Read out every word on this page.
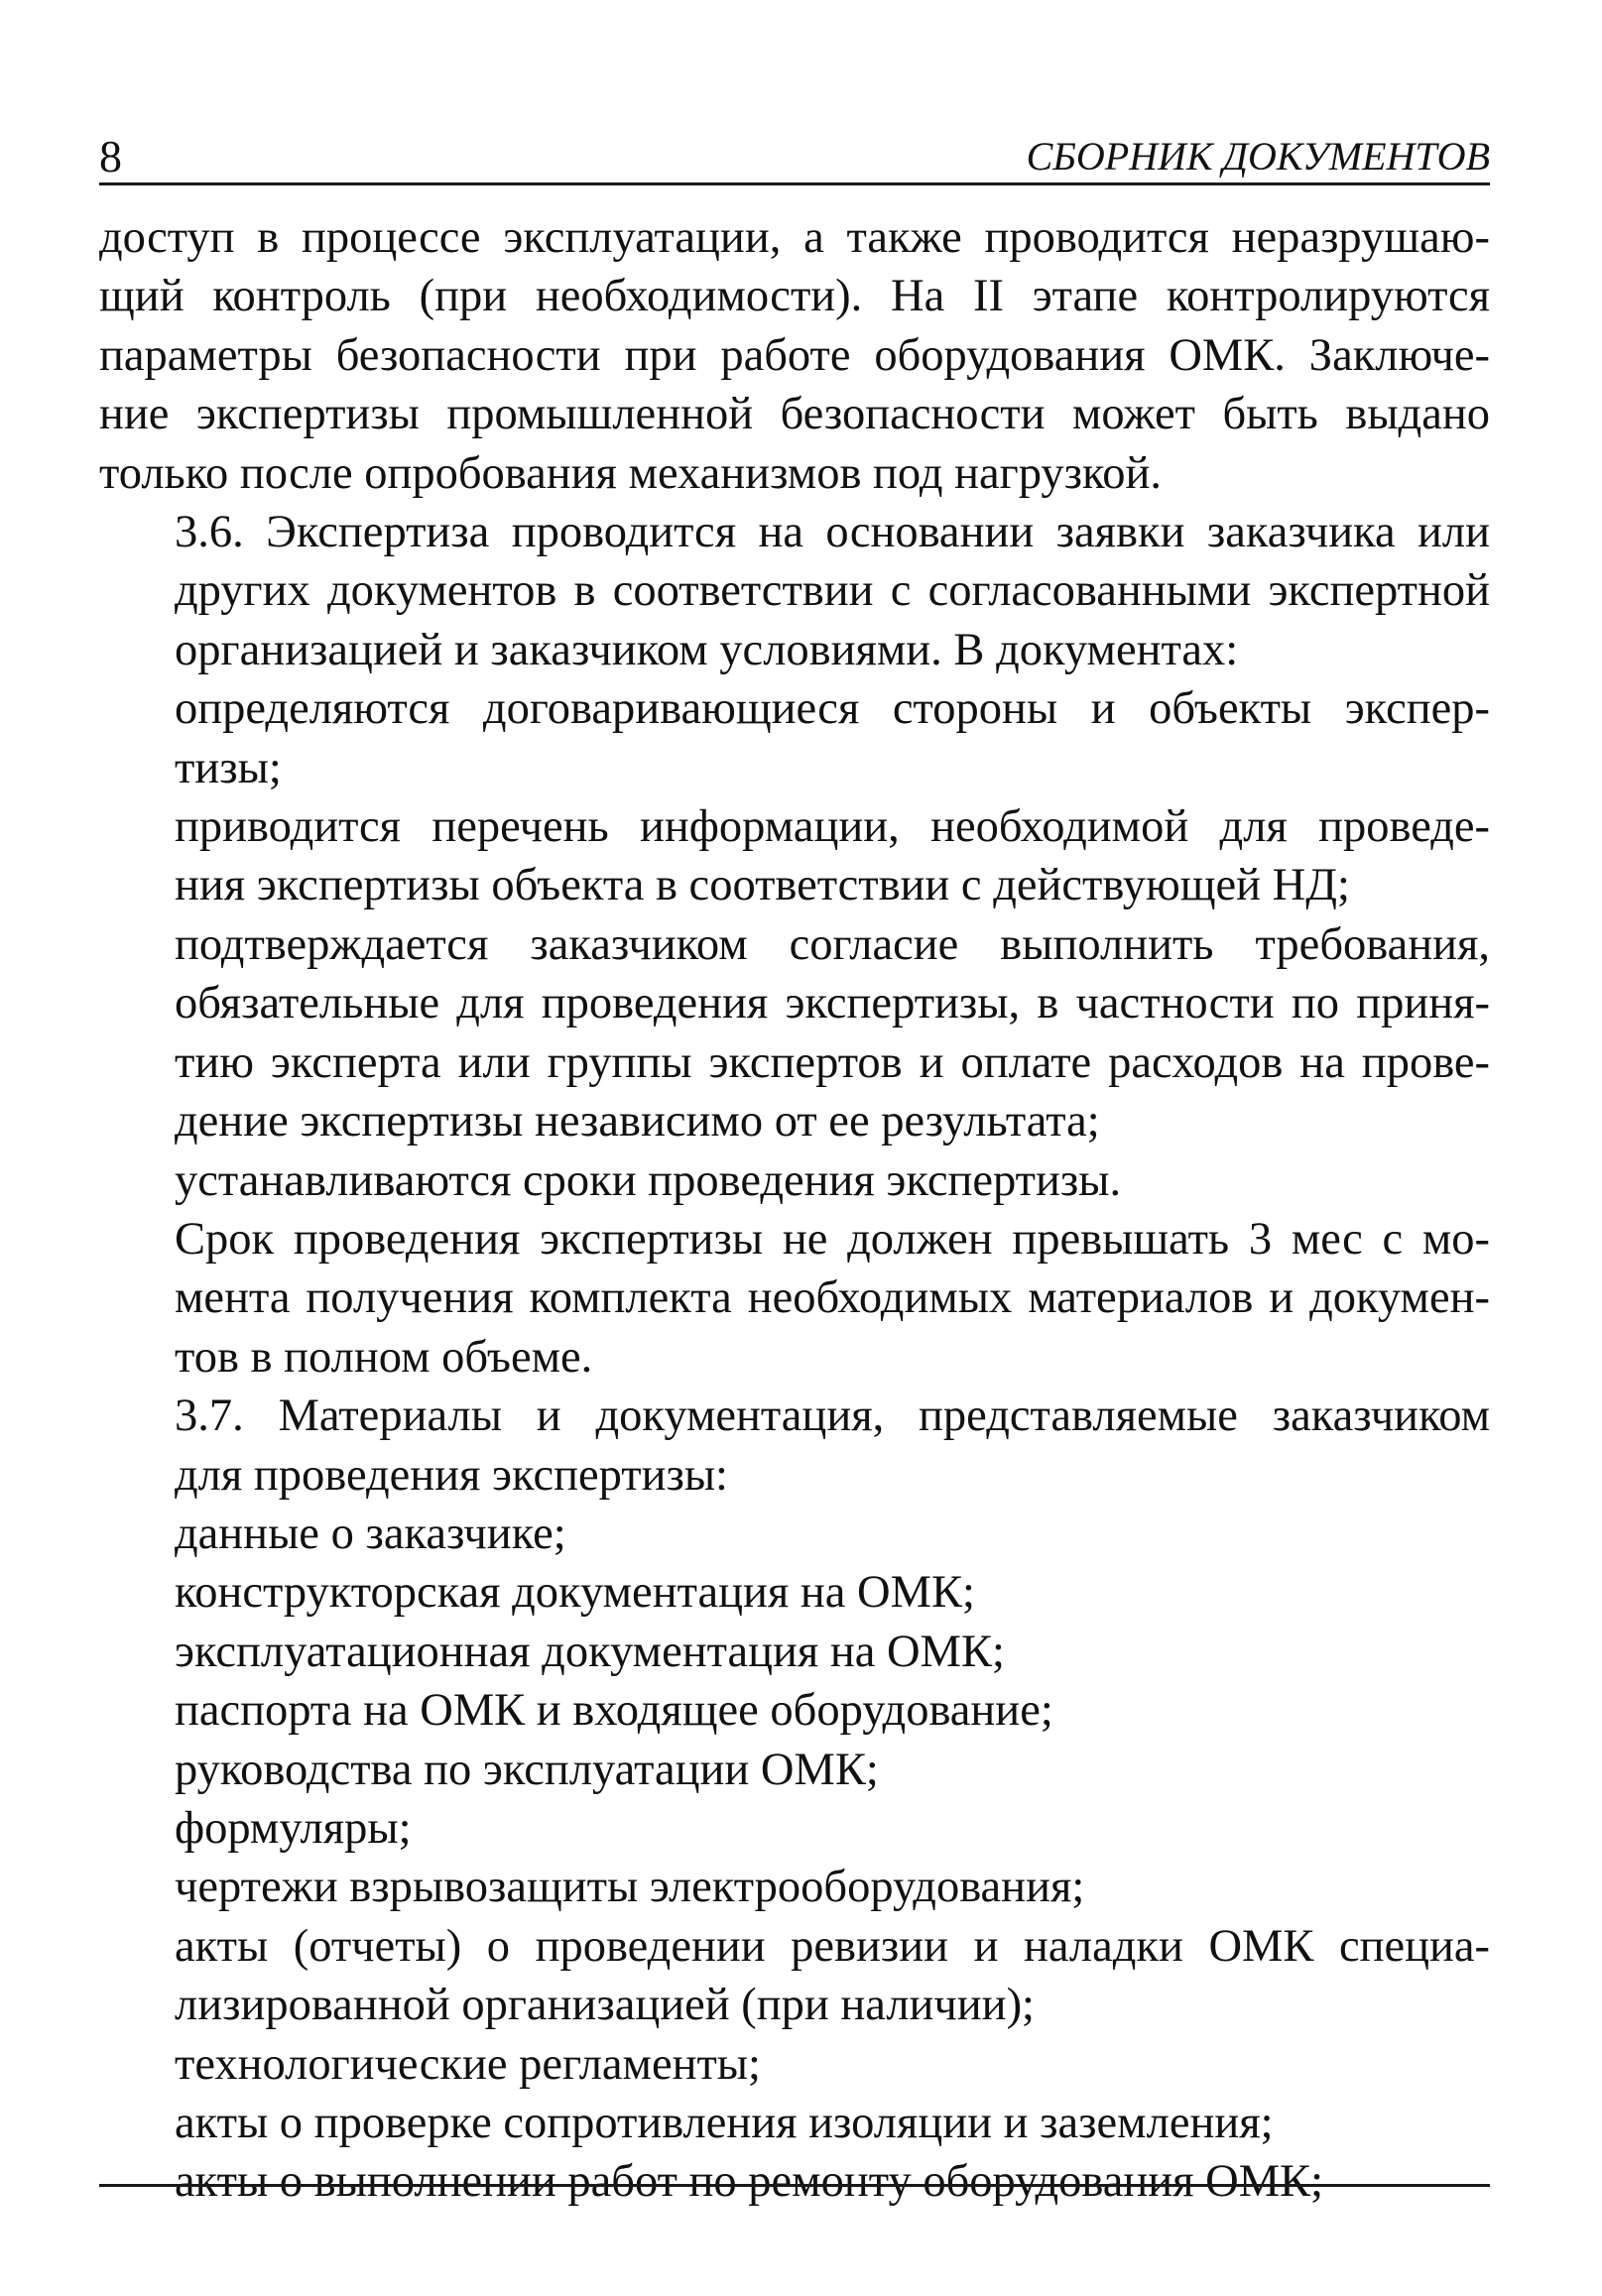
8	СБОРНИК ДОКУМЕНТОВ

доступ в процессе эксплуатации, а также проводится неразрушаю-
щий контроль (при необходимости). На II этапе контролируются
параметры безопасности при работе оборудования ОМК. Заключе-
ние экспертизы промышленной безопасности может быть выдано
только после опробования механизмов под нагрузкой.

3.6. Экспертиза проводится на основании заявки заказчика или
других документов в соответствии с согласованными экспертной
организацией и заказчиком условиями. В документах:

определяются договаривающиеся стороны и объекты экспер-
тизы;

приводится перечень информации, необходимой для проведе-
ния экспертизы объекта в соответствии с действующей НД;

подтверждается заказчиком согласие выполнить требования,
обязательные для проведения экспертизы, в частности по приня-
тию эксперта или группы экспертов и оплате расходов на прове-
дение экспертизы независимо от ее результата;

устанавливаются сроки проведения экспертизы.

Срок проведения экспертизы не должен превышать 3 мес с мо-
мента получения комплекта необходимых материалов и докумен-
тов в полном объеме.

3.7. Материалы и документация, представляемые заказчиком
для проведения экспертизы:

данные о заказчике;

конструкторская документация на ОМК;

эксплуатационная документация на ОМК;

паспорта на ОМК и входящее оборудование;

руководства по эксплуатации ОМК;

формуляры;

чертежи взрывозащиты электрооборудования;

акты (отчеты) о проведении ревизии и наладки ОМК специа-
лизированной организацией (при наличии);

технологические регламенты;

акты о проверке сопротивления изоляции и заземления;

акты о выполнении работ по ремонту оборудования ОМК;
